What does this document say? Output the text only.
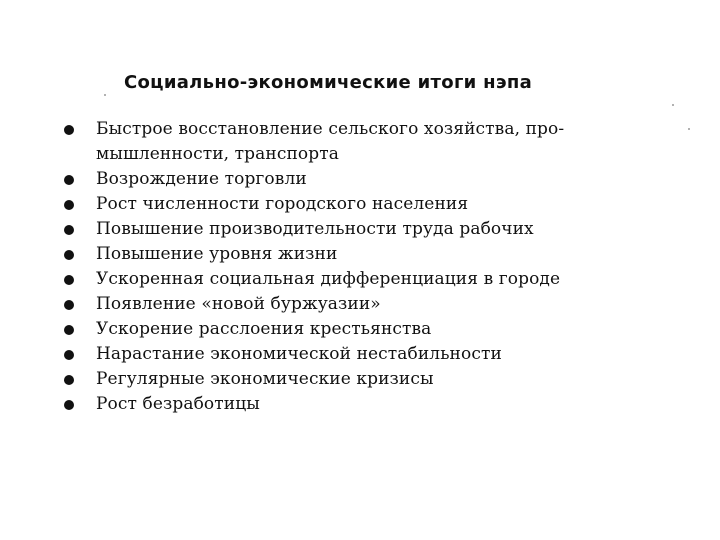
Социально-экономические итоги нэпа
Быстрое восстановление сельского хозяйства, про-мышленности, транспорта
Возрождение торговли
Рост численности городского населения
Повышение производительности труда рабочих
Повышение уровня жизни
Ускоренная социальная дифференциация в городе
Появление «новой буржуазии»
Ускорение расслоения крестьянства
Нарастание экономической нестабильности
Регулярные экономические кризисы
Рост безработицы
